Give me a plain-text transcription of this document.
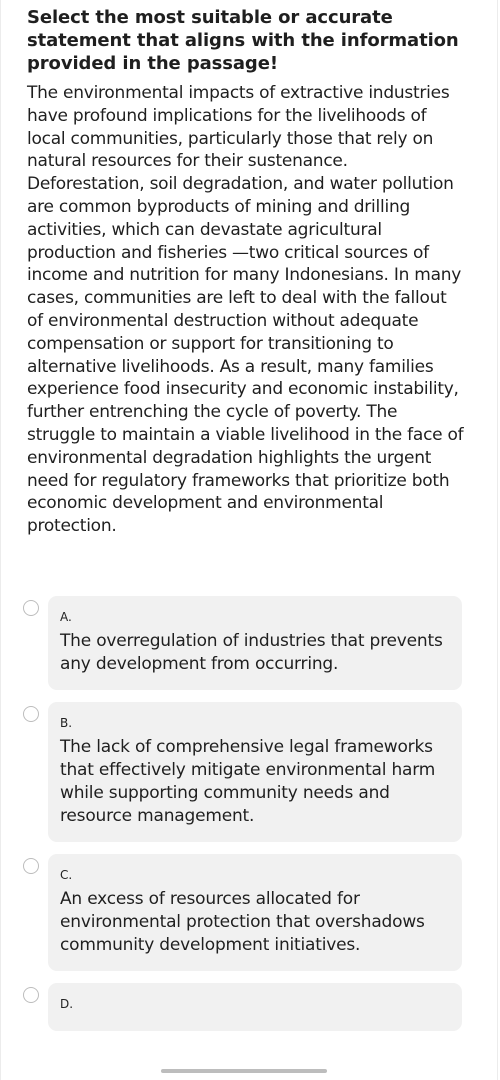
Select the most suitable or accurate statement that aligns with the information provided in the passage!

The environmental impacts of extractive industries have profound implications for the livelihoods of local communities, particularly those that rely on natural resources for their sustenance. Deforestation, soil degradation, and water pollution are common byproducts of mining and drilling activities, which can devastate agricultural production and fisheries —two critical sources of income and nutrition for many Indonesians. In many cases, communities are left to deal with the fallout of environmental destruction without adequate compensation or support for transitioning to alternative livelihoods. As a result, many families experience food insecurity and economic instability, further entrenching the cycle of poverty. The struggle to maintain a viable livelihood in the face of environmental degradation highlights the urgent need for regulatory frameworks that prioritize both economic development and environmental protection.

A.
The overregulation of industries that prevents any development from occurring.
B.
The lack of comprehensive legal frameworks that effectively mitigate environmental harm while supporting community needs and resource management.
C.
An excess of resources allocated for environmental protection that overshadows community development initiatives.
D.
